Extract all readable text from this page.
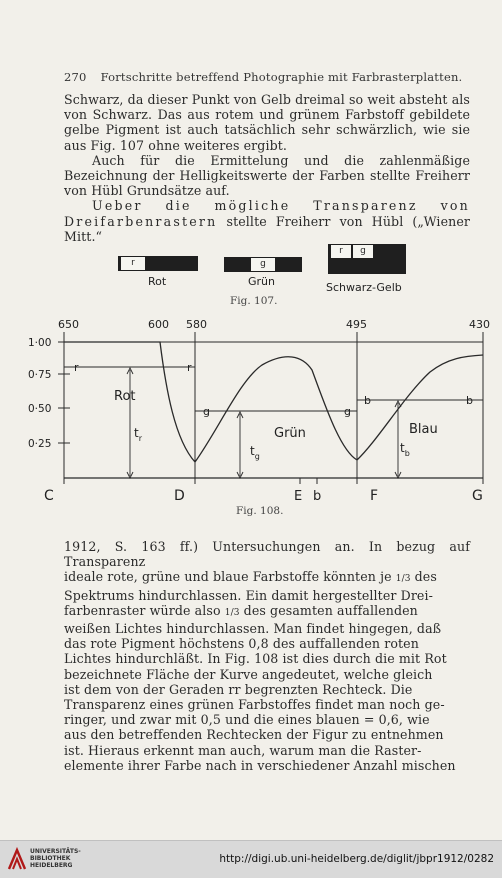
270 Fortschritte betreffend Photographie mit Farbrasterplatten.

Schwarz, da dieser Punkt von Gelb dreimal so weit absteht als von Schwarz. Das aus rotem und grünem Farbstoff gebildete gelbe Pigment ist auch tatsächlich sehr schwärzlich, wie sie aus Fig. 107 ohne weiteres ergibt.

Auch für die Ermittelung und die zahlenmäßige Bezeichnung der Helligkeitswerte der Farben stellte Freiherr von Hübl Grundsätze auf.

Ueber die mögliche Transparenz von Dreifarbenrastern stellte Freiherr von Hübl („Wiener Mitt.“

r
Rot
g
Grün
r	g
Schwarz-Gelb
Fig. 107.
650	600 580	495	430
1·00
0·75
0·50
0·25
r	r
g	g
b	b
Rot
Grün	Blau
$t_r$
$t_g$
$t_b$
C	D	E b	F	G
Fig. 108.
1912, S. 163 ff.) Untersuchungen an. In bezug auf Transparenz
ideale rote, grüne und blaue Farbstoffe könnten je 1/3 des
Spektrums hindurchlassen. Ein damit hergestellter Drei-
farbenraster würde also 1/3 des gesamten auffallenden
weißen Lichtes hindurchlassen. Man findet hingegen, daß
das rote Pigment höchstens 0,8 des auffallenden roten
Lichtes hindurchläßt. In Fig. 108 ist dies durch die mit Rot
bezeichnete Fläche der Kurve angedeutet, welche gleich
ist dem von der Geraden rr begrenzten Rechteck. Die
Transparenz eines grünen Farbstoffes findet man noch ge-
ringer, und zwar mit 0,5 und die eines blauen = 0,6, wie
aus den betreffenden Rechtecken der Figur zu entnehmen
ist. Hieraus erkennt man auch, warum man die Raster-
elemente ihrer Farbe nach in verschiedener Anzahl mischen
UNIVERSITÄTS-
BIBLIOTHEK
HEIDELBERG
http://digi.ub.uni-heidelberg.de/diglit/jbpr1912/0282
